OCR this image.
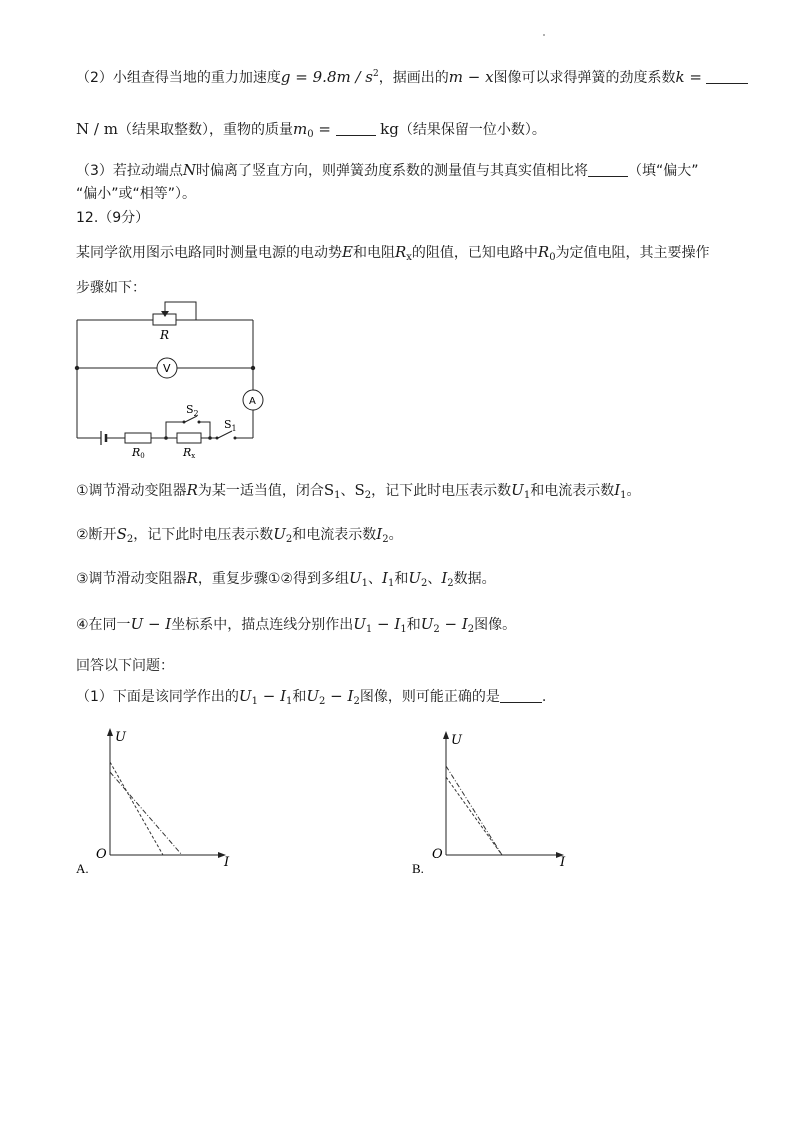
（2）小组查得当地的重力加速度$g = 9.8m / s^2$，据画出的m − x图像可以求得弹簧的劲度系数k =
N / m（结果取整数），重物的质量$m_0$ =	kg（结果保留一位小数）。
（3）若拉动端点N时偏离了竖直方向，则弹簧劲度系数的测量值与其真实值相比将	（填“偏大”
“偏小”或“相等”）。
12.（9分）
某同学欲用图示电路同时测量电源的电动势E和电阻$R_x$的阻值，已知电路中$R_0$为定值电阻，其主要操作
步骤如下：
R
V
A
$S_2$
$S_1$
R0	Rx
①调节滑动变阻器R为某一适当值，闭合$S_1$、$S_2$，记下此时电压表示数$U_1$和电流表示数$I_1$。
②断开$S_2$，记下此时电压表示数$U_2$和电流表示数$I_2$。
③调节滑动变阻器R，重复步骤①②得到多组$U_1$、$I_1$和$U_2$、$I_2$数据。
④在同一U − I坐标系中，描点连线分别作出$U_1 - I_1$和$U_2 - I_2$图像。
回答以下问题：
（1）下面是该同学作出的$U_1 - I_1$和$U_2 - I_2$图像，则可能正确的是	.
U
I
O
A.
U
I
O
B.
